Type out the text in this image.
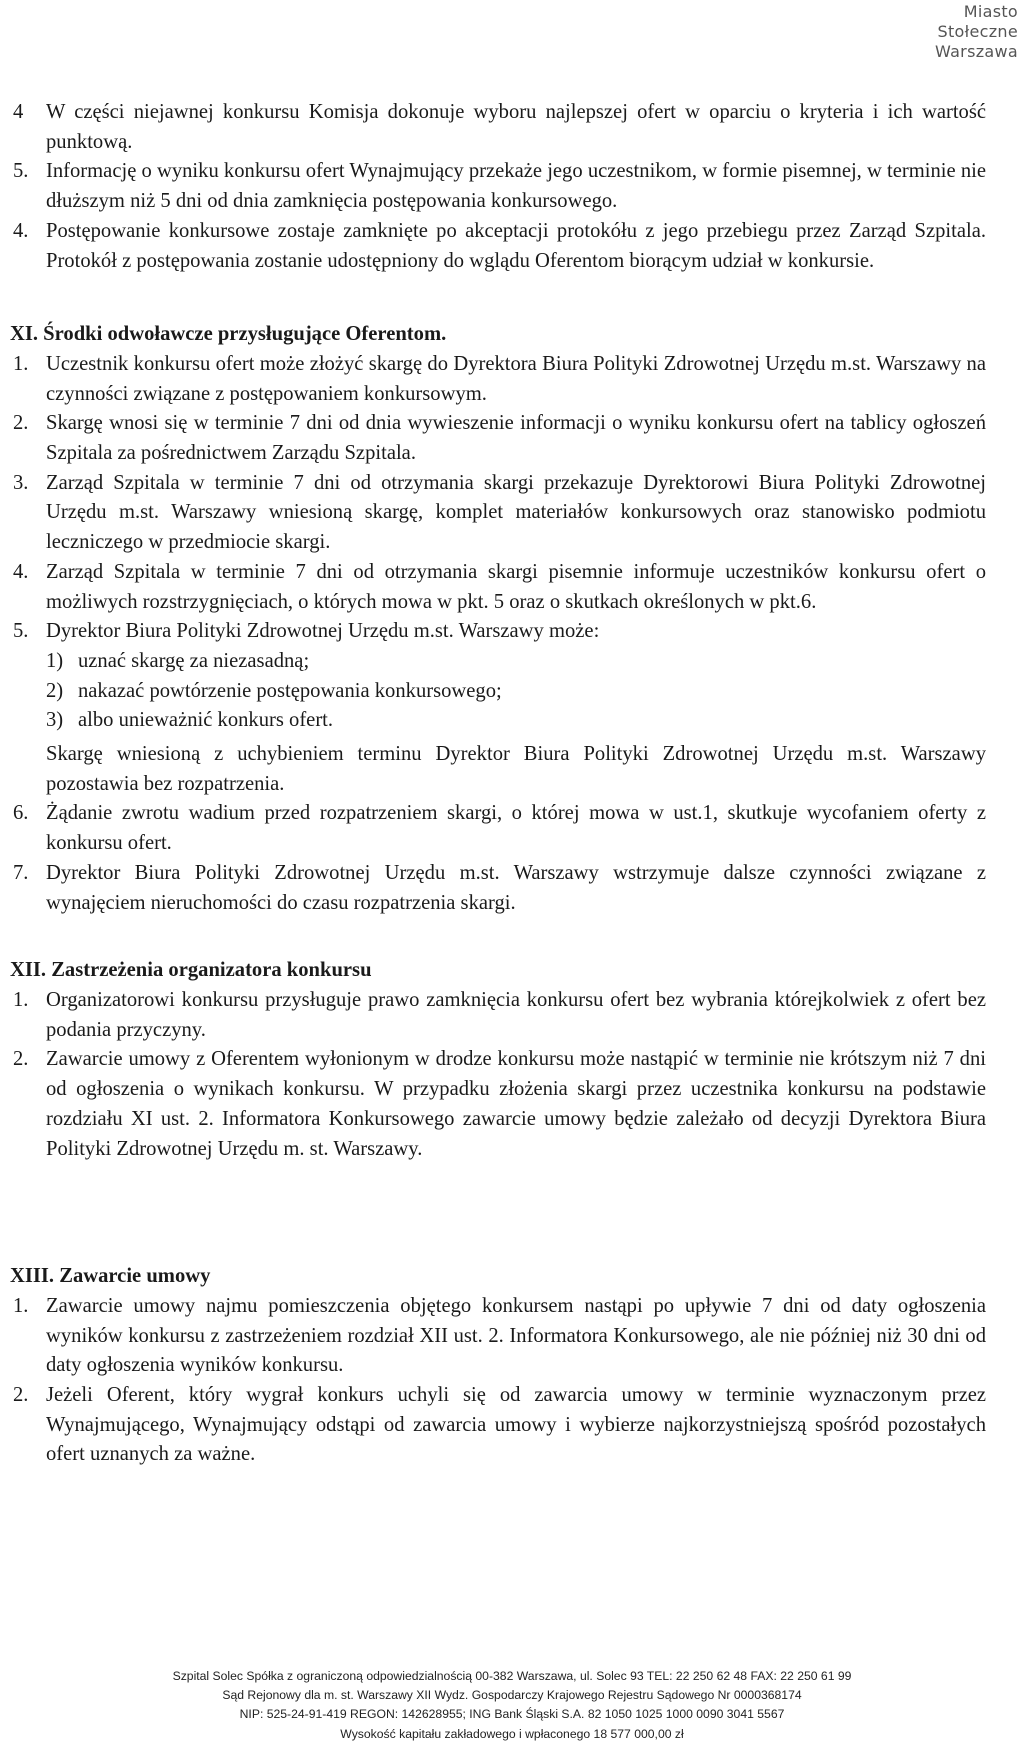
Miasto
Stołeczne
Warszawa
4 W części niejawnej konkursu Komisja dokonuje wyboru najlepszej ofert w oparciu o kryteria i ich wartość punktową.
5. Informację o wyniku konkursu ofert Wynajmujący przekaże jego uczestnikom, w formie pisemnej, w terminie nie dłuższym niż 5 dni od dnia zamknięcia postępowania konkursowego.
4. Postępowanie konkursowe zostaje zamknięte po akceptacji protokółu z jego przebiegu przez Zarząd Szpitala. Protokół z postępowania zostanie udostępniony do wglądu Oferentom biorącym udział w konkursie.
XI. Środki odwoławcze przysługujące Oferentom.
1. Uczestnik konkursu ofert może złożyć skargę do Dyrektora Biura Polityki Zdrowotnej Urzędu m.st. Warszawy na czynności związane z postępowaniem konkursowym.
2. Skargę wnosi się w terminie 7 dni od dnia wywieszenie informacji o wyniku konkursu ofert na tablicy ogłoszeń Szpitala za pośrednictwem Zarządu Szpitala.
3. Zarząd Szpitala w terminie 7 dni od otrzymania skargi przekazuje Dyrektorowi Biura Polityki Zdrowotnej Urzędu m.st. Warszawy wniesioną skargę, komplet materiałów konkursowych oraz stanowisko podmiotu leczniczego w przedmiocie skargi.
4. Zarząd Szpitala w terminie 7 dni od otrzymania skargi pisemnie informuje uczestników konkursu ofert o możliwych rozstrzygnięciach, o których mowa w pkt. 5 oraz o skutkach określonych w pkt.6.
5. Dyrektor Biura Polityki Zdrowotnej Urzędu m.st. Warszawy może:
1) uznać skargę za niezasadną;
2) nakazać powtórzenie postępowania konkursowego;
3) albo unieważnić konkurs ofert.
Skargę wniesioną z uchybieniem terminu Dyrektor Biura Polityki Zdrowotnej Urzędu m.st. Warszawy pozostawia bez rozpatrzenia.
6. Żądanie zwrotu wadium przed rozpatrzeniem skargi, o której mowa w ust.1, skutkuje wycofaniem oferty z konkursu ofert.
7. Dyrektor Biura Polityki Zdrowotnej Urzędu m.st. Warszawy wstrzymuje dalsze czynności związane z wynajęciem nieruchomości do czasu rozpatrzenia skargi.
XII. Zastrzeżenia organizatora konkursu
1. Organizatorowi konkursu przysługuje prawo zamknięcia konkursu ofert bez wybrania którejkolwiek z ofert bez podania przyczyny.
2. Zawarcie umowy z Oferentem wyłonionym w drodze konkursu może nastąpić w terminie nie krótszym niż 7 dni od ogłoszenia o wynikach konkursu. W przypadku złożenia skargi przez uczestnika konkursu na podstawie rozdziału XI ust. 2. Informatora Konkursowego zawarcie umowy będzie zależało od decyzji Dyrektora Biura Polityki Zdrowotnej Urzędu m. st. Warszawy.
XIII. Zawarcie umowy
1. Zawarcie umowy najmu pomieszczenia objętego konkursem nastąpi po upływie 7 dni od daty ogłoszenia wyników konkursu z zastrzeżeniem rozdział XII ust. 2. Informatora Konkursowego, ale nie później niż 30 dni od daty ogłoszenia wyników konkursu.
2. Jeżeli Oferent, który wygrał konkurs uchyli się od zawarcia umowy w terminie wyznaczonym przez Wynajmującego, Wynajmujący odstąpi od zawarcia umowy i wybierze najkorzystniejszą spośród pozostałych ofert uznanych za ważne.
Szpital Solec Spółka z ograniczoną odpowiedzialnością 00-382 Warszawa, ul. Solec 93 TEL: 22 250 62 48 FAX: 22 250 61 99
Sąd Rejonowy dla m. st. Warszawy XII Wydz. Gospodarczy Krajowego Rejestru Sądowego Nr 0000368174
NIP: 525-24-91-419 REGON: 142628955; ING Bank Śląski S.A. 82 1050 1025 1000 0090 3041 5567
Wysokość kapitału zakładowego i wpłaconego 18 577 000,00 zł
